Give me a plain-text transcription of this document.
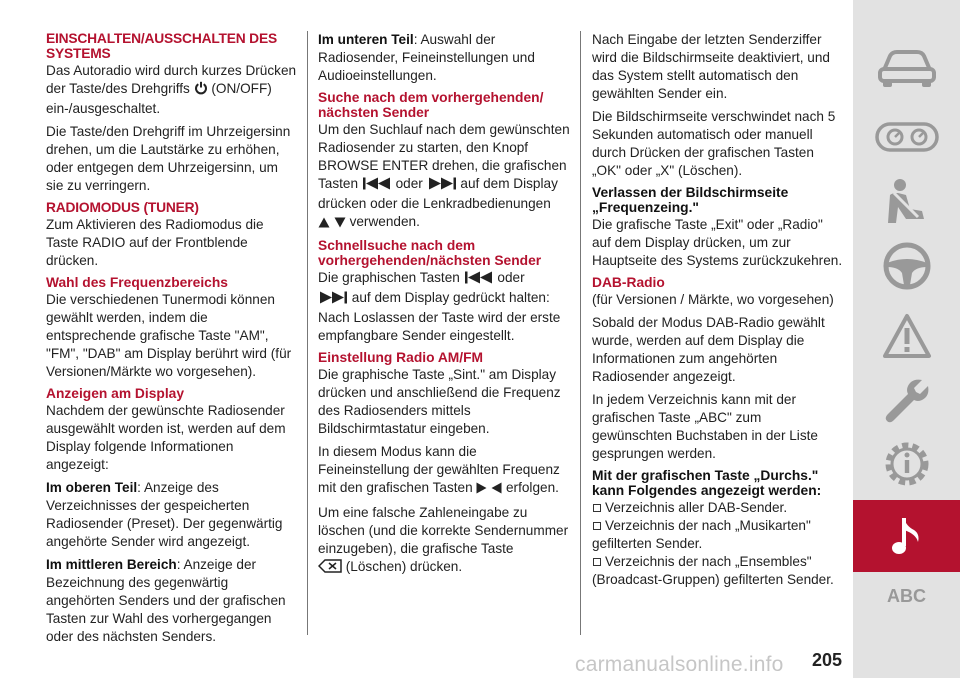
EINSCHALTEN/AUSSCHALTEN DES SYSTEMS

Das Autoradio wird durch kurzes Drücken der Taste/des Drehgriffs (ON/OFF) ein-/ausgeschaltet.

Die Taste/den Drehgriff im Uhrzeigersinn drehen, um die Lautstärke zu erhöhen, oder entgegen dem Uhrzeigersinn, um sie zu verringern.

RADIOMODUS (TUNER)

Zum Aktivieren des Radiomodus die Taste RADIO auf der Frontblende drücken.

Wahl des Frequenzbereichs

Die verschiedenen Tunermodi können gewählt werden, indem die entsprechende grafische Taste "AM", "FM", "DAB" am Display berührt wird (für Versionen/Märkte wo vorgesehen).

Anzeigen am Display

Nachdem der gewünschte Radiosender ausgewählt worden ist, werden auf dem Display folgende Informationen angezeigt:

Im oberen Teil: Anzeige des Verzeichnisses der gespeicherten Radiosender (Preset). Der gegenwärtig angehörte Sender wird angezeigt.

Im mittleren Bereich: Anzeige der Bezeichnung des gegenwärtig angehörten Senders und der grafischen Tasten zur Wahl des vorhergegangen oder des nächsten Senders.

Im unteren Teil: Auswahl der Radiosender, Feineinstellungen und Audioeinstellungen.

Suche nach dem vorhergehenden/ nächsten Sender

Um den Suchlauf nach dem gewünschten Radiosender zu starten, den Knopf BROWSE ENTER drehen, die grafischen Tasten	oder	auf dem Display drücken oder die Lenkradbedienungen
verwenden.

Schnellsuche nach dem vorhergehenden/nächsten Sender

Die graphischen Tasten	oder
auf dem Display gedrückt halten: Nach Loslassen der Taste wird der erste empfangbare Sender eingestellt.

Einstellung Radio AM/FM

Die graphische Taste „Sint." am Display drücken und anschließend die Frequenz des Radiosenders mittels Bildschirmtastatur eingeben.

In diesem Modus kann die Feineinstellung der gewählten Frequenz mit den grafischen Tasten erfolgen.

Um eine falsche Zahleneingabe zu löschen (und die korrekte Sendernummer einzugeben), die grafische Taste
(Löschen) drücken.

Nach Eingabe der letzten Senderziffer wird die Bildschirmseite deaktiviert, und das System stellt automatisch den gewählten Sender ein.

Die Bildschirmseite verschwindet nach 5 Sekunden automatisch oder manuell durch Drücken der grafischen Tasten „OK" oder „X" (Löschen).

Verlassen der Bildschirmseite „Frequenzeing."

Die grafische Taste „Exit" oder „Radio" auf dem Display drücken, um zur Hauptseite des Systems zurückzukehren.

DAB-Radio

(für Versionen / Märkte, wo vorgesehen)

Sobald der Modus DAB-Radio gewählt wurde, werden auf dem Display die Informationen zum angehörten Radiosender angezeigt.

In jedem Verzeichnis kann mit der grafischen Taste „ABC" zum gewünschten Buchstaben in der Liste gesprungen werden.

Mit der grafischen Taste „Durchs." kann Folgendes angezeigt werden:
Verzeichnis aller DAB-Sender.
Verzeichnis der nach „Musikarten" gefilterten Sender.
Verzeichnis der nach „Ensembles" (Broadcast-Gruppen) gefilterten Sender.
ABC
carmanualsonline.info 205
